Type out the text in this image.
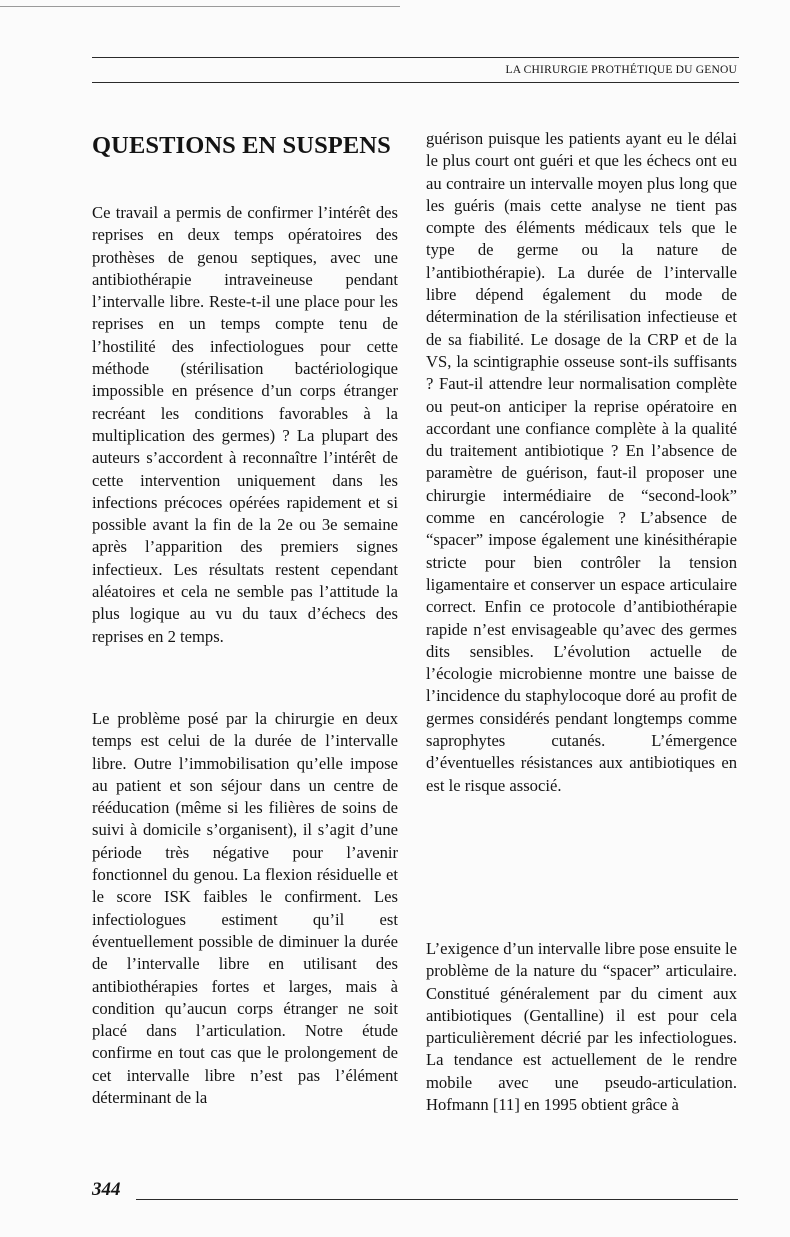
LA CHIRURGIE PROTHÉTIQUE DU GENOU
QUESTIONS EN SUSPENS

Ce travail a permis de confirmer l’intérêt des reprises en deux temps opératoires des prothèses de genou septiques, avec une antibiothérapie intraveineuse pendant l’intervalle libre. Reste-t-il une place pour les reprises en un temps compte tenu de l’hostilité des infectiologues pour cette méthode (stérilisation bactériologique impossible en présence d’un corps étranger recréant les conditions favorables à la multiplication des germes) ? La plupart des auteurs s’accordent à reconnaître l’intérêt de cette intervention uniquement dans les infections précoces opérées rapidement et si possible avant la fin de la 2e ou 3e semaine après l’apparition des premiers signes infectieux. Les résultats restent cependant aléatoires et cela ne semble pas l’attitude la plus logique au vu du taux d’échecs des reprises en 2 temps.

Le problème posé par la chirurgie en deux temps est celui de la durée de l’intervalle libre. Outre l’immobilisation qu’elle impose au patient et son séjour dans un centre de rééducation (même si les filières de soins de suivi à domicile s’organisent), il s’agit d’une période très négative pour l’avenir fonctionnel du genou. La flexion résiduelle et le score ISK faibles le confirment. Les infectiologues estiment qu’il est éventuellement possible de diminuer la durée de l’intervalle libre en utilisant des antibiothérapies fortes et larges, mais à condition qu’aucun corps étranger ne soit placé dans l’articulation. Notre étude confirme en tout cas que le prolongement de cet intervalle libre n’est pas l’élément déterminant de la

guérison puisque les patients ayant eu le délai le plus court ont guéri et que les échecs ont eu au contraire un intervalle moyen plus long que les guéris (mais cette analyse ne tient pas compte des éléments médicaux tels que le type de germe ou la nature de l’antibiothérapie). La durée de l’intervalle libre dépend également du mode de détermination de la stérilisation infectieuse et de sa fiabilité. Le dosage de la CRP et de la VS, la scintigraphie osseuse sont-ils suffisants ? Faut-il attendre leur normalisation complète ou peut-on anticiper la reprise opératoire en accordant une confiance complète à la qualité du traitement antibiotique ? En l’absence de paramètre de guérison, faut-il proposer une chirurgie intermédiaire de “second-look” comme en cancérologie ? L’absence de “spacer” impose également une kinésithérapie stricte pour bien contrôler la tension ligamentaire et conserver un espace articulaire correct. Enfin ce protocole d’antibiothérapie rapide n’est envisageable qu’avec des germes dits sensibles. L’évolution actuelle de l’écologie microbienne montre une baisse de l’incidence du staphylocoque doré au profit de germes considérés pendant longtemps comme saprophytes cutanés. L’émergence d’éventuelles résistances aux antibiotiques en est le risque associé.

L’exigence d’un intervalle libre pose ensuite le problème de la nature du “spacer” articulaire. Constitué généralement par du ciment aux antibiotiques (Gentalline) il est pour cela particulièrement décrié par les infectiologues. La tendance est actuellement de le rendre mobile avec une pseudo-articulation. Hofmann [11] en 1995 obtient grâce à

344
